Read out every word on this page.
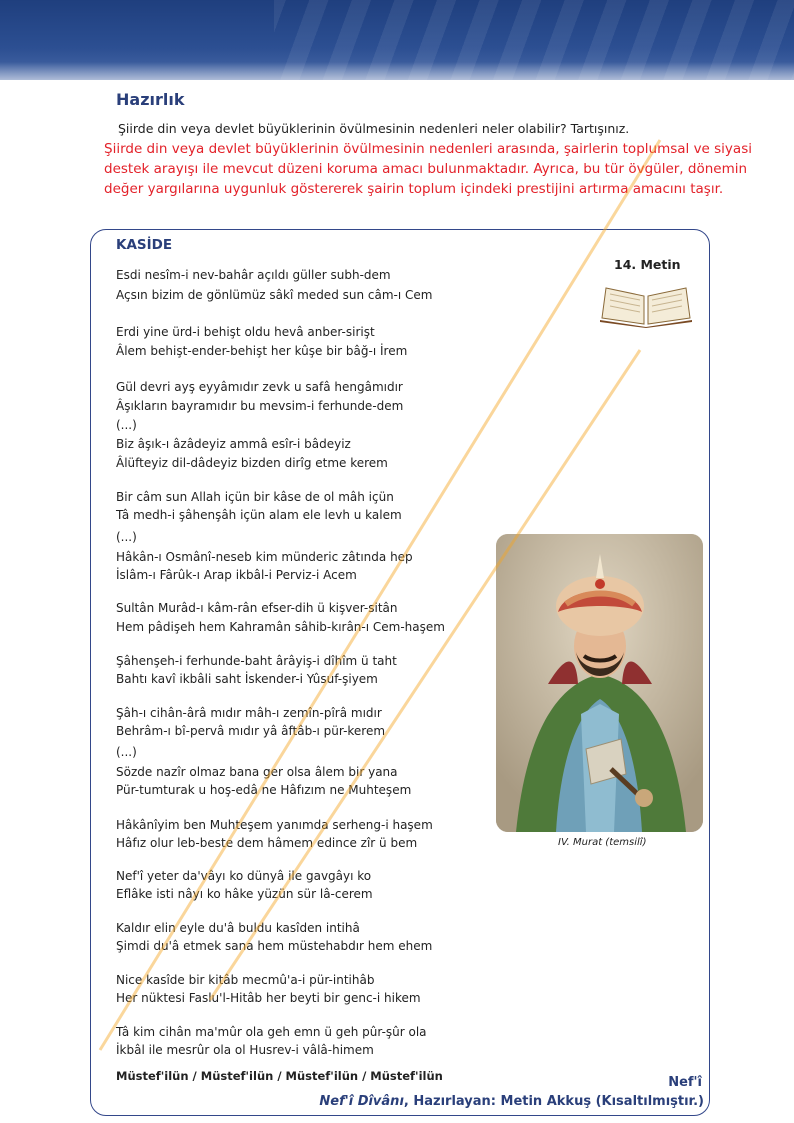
Hazırlık
Şiirde din veya devlet büyüklerinin övülmesinin nedenleri neler olabilir? Tartışınız.
Şiirde din veya devlet büyüklerinin övülmesinin nedenleri arasında, şairlerin toplumsal ve siyasi destek arayışı ile mevcut düzeni koruma amacı bulunmaktadır. Ayrıca, bu tür övgüler, dönemin değer yargılarına uygunluk göstererek şairin toplum içindeki prestijini artırma amacını taşır.
KASİDE
14. Metin
Esdi nesîm-i nev-bahâr açıldı güller subh-dem
Açsın bizim de gönlümüz sâkî meded sun câm-ı Cem
Erdi yine ürd-i behişt oldu hevâ anber-sirişt
Âlem behişt-ender-behişt her kûşe bir bâğ-ı İrem
Gül devri ayş eyyâmıdır zevk u safâ hengâmıdır
Âşıkların bayramıdır bu mevsim-i ferhunde-dem
(...)
Biz âşık-ı âzâdeyiz ammâ esîr-i bâdeyiz
Âlüfteyiz dil-dâdeyiz bizden dirîg etme kerem
Bir câm sun Allah içün bir kâse de ol mâh içün
Tâ medh-i şâhenşâh içün alam ele levh u kalem
(...)
Hâkân-ı Osmânî-neseb kim münderic zâtında hep
İslâm-ı Fârûk-ı Arap ikbâl-i Perviz-i Acem
Sultân Murâd-ı kâm-rân efser-dih ü kişver-sitân
Hem pâdişeh hem Kahramân sâhib-kırân-ı Cem-haşem
Şâhenşeh-i ferhunde-baht ârâyiş-i dîhîm ü taht
Bahtı kavî ikbâli saht İskender-i Yûsuf-şiyem
Şâh-ı cihân-ârâ mıdır mâh-ı zemîn-pîrâ mıdır
Behrâm-ı bî-pervâ mıdır yâ âftâb-ı pür-kerem
(...)
Sözde nazîr olmaz bana ger olsa âlem bir yana
Pür-tumturak u hoş-edâ ne Hâfızım ne Muhteşem
Hâkânîyim ben Muhteşem yanımda serheng-i haşem
Hâfız olur leb-beste dem hâmem edince zîr ü bem
Nef'î yeter da'vâyı ko dünyâ ile gavgâyı ko
Eflâke isti nâyı ko hâke yüzün sür lâ-cerem
Kaldır elin eyle du'â buldu kasîden intihâ
Şimdi du'â etmek sana hem müstehabdır hem ehem
Nice kasîde bir kitâb mecmû'a-i pür-intihâb
Her nüktesi Faslu'l-Hitâb her beyti bir genc-i hikem
Tâ kim cihân ma'mûr ola geh emn ü geh pûr-şûr ola
İkbâl ile mesrûr ola ol Husrev-i vâlâ-himem
Müstef'ilün / Müstef'ilün / Müstef'ilün / Müstef'ilün
IV. Murat (temsilî)
Nef'î
Nef'î Dîvânı, Hazırlayan: Metin Akkuş (Kısaltılmıştır.)
